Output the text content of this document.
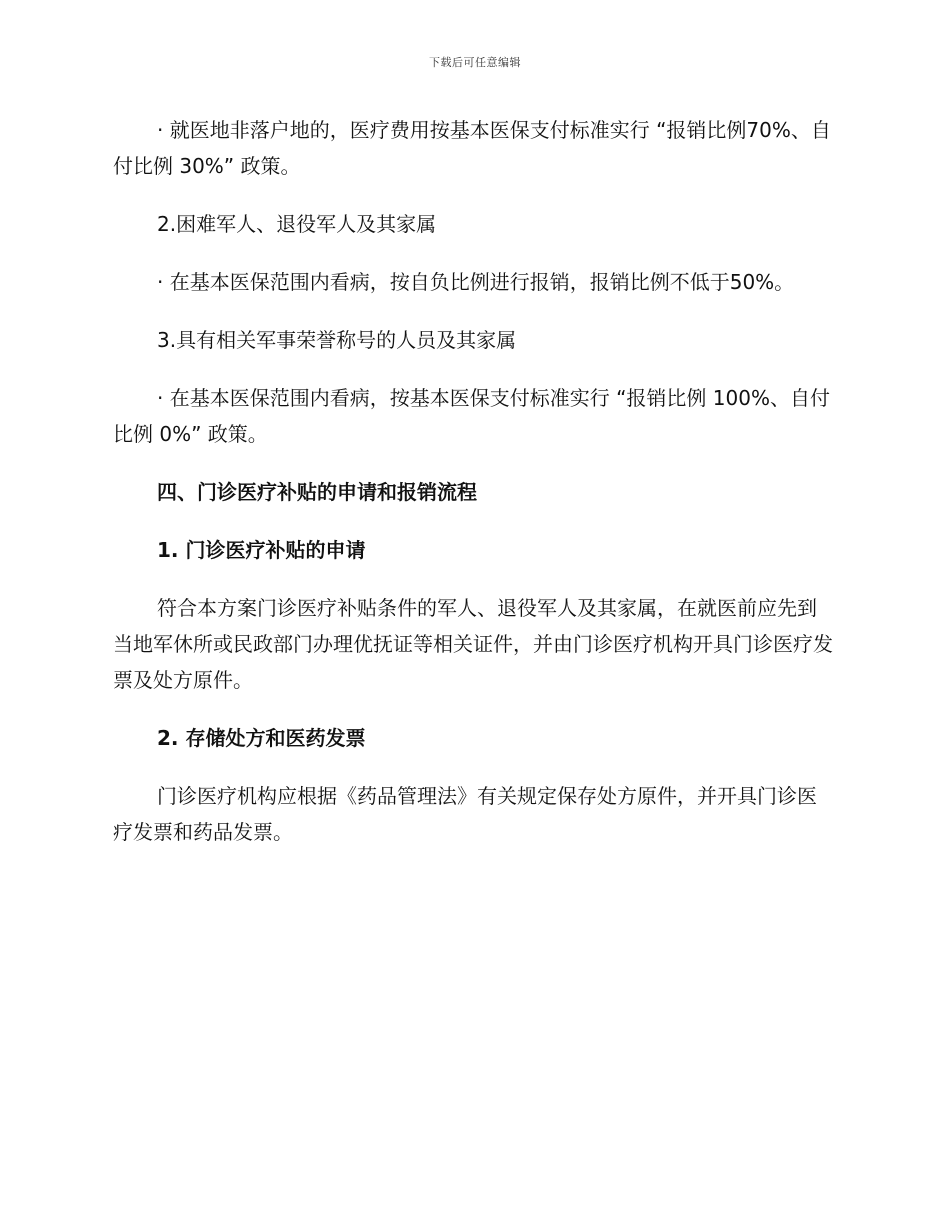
下载后可任意编辑

· 就医地非落户地的，医疗费用按基本医保支付标准实行 “报销比例70%、自付比例 30%” 政策。

2.困难军人、退役军人及其家属

· 在基本医保范围内看病，按自负比例进行报销，报销比例不低于50%。

3.具有相关军事荣誉称号的人员及其家属

· 在基本医保范围内看病，按基本医保支付标准实行 “报销比例 100%、自付比例 0%” 政策。

四、门诊医疗补贴的申请和报销流程

1. 门诊医疗补贴的申请

符合本方案门诊医疗补贴条件的军人、退役军人及其家属，在就医前应先到当地军休所或民政部门办理优抚证等相关证件，并由门诊医疗机构开具门诊医疗发票及处方原件。

2. 存储处方和医药发票

门诊医疗机构应根据《药品管理法》有关规定保存处方原件，并开具门诊医疗发票和药品发票。
